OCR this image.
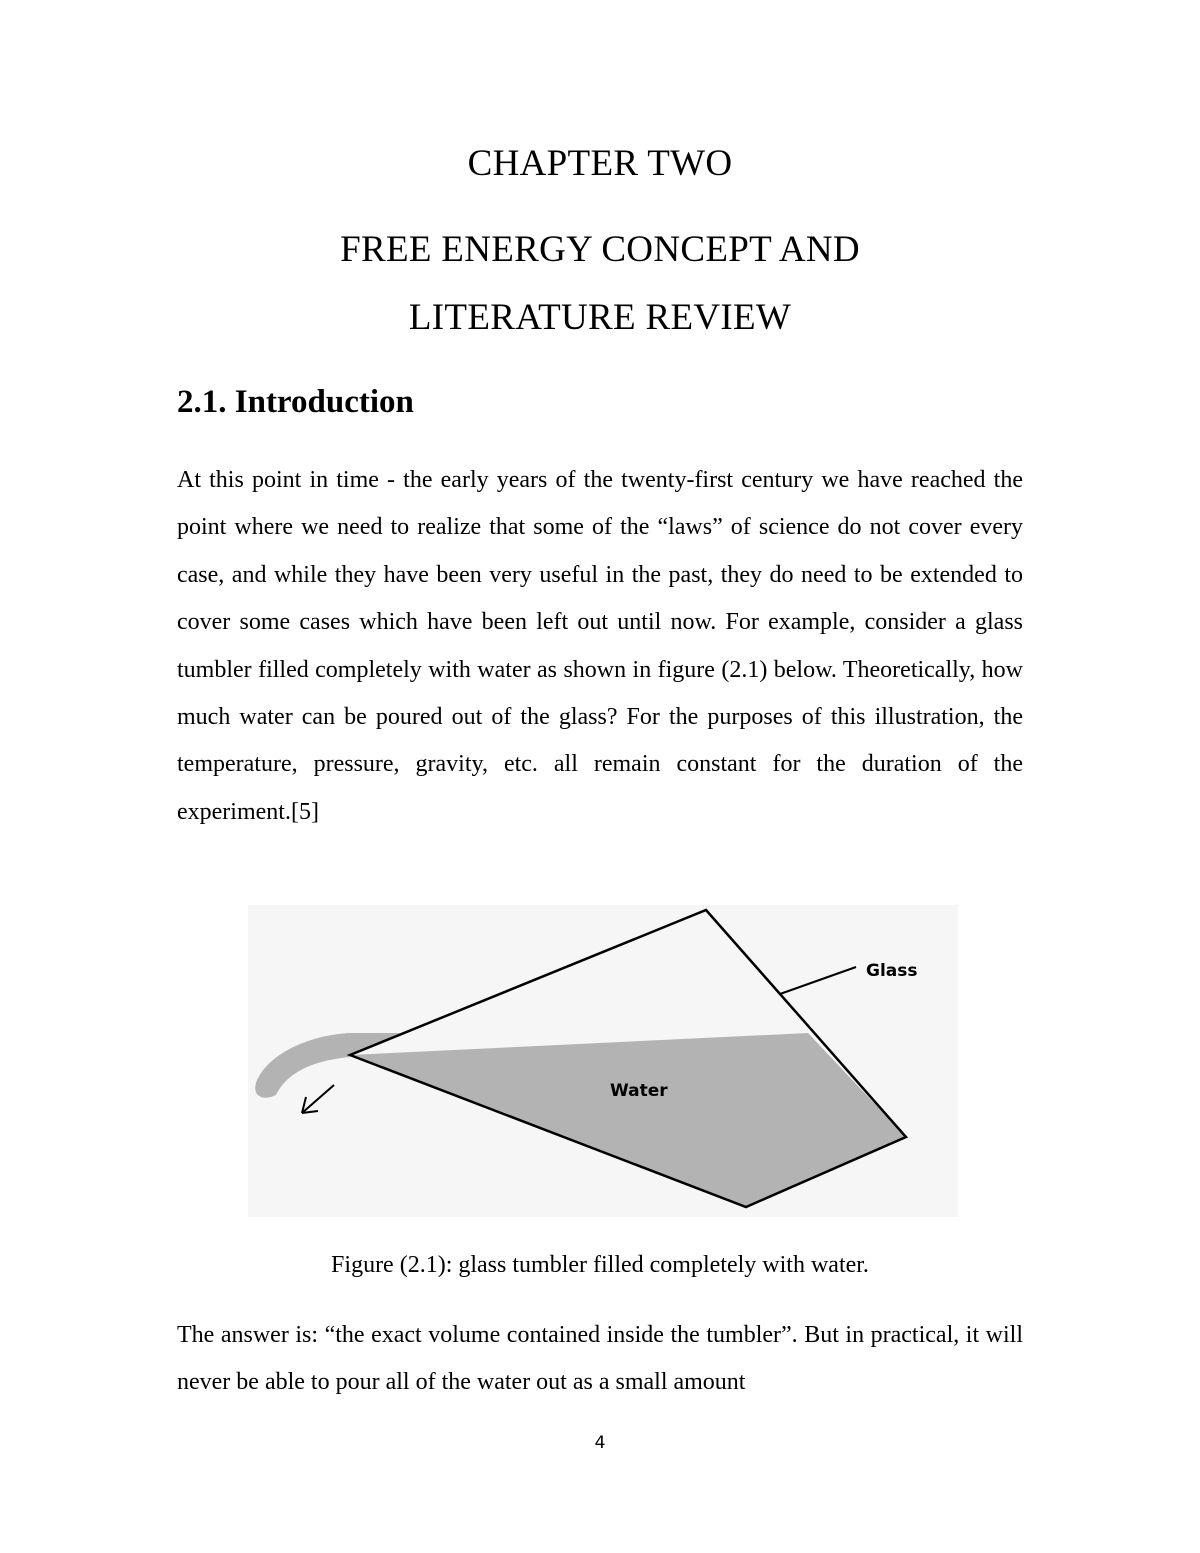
CHAPTER TWO
FREE ENERGY CONCEPT AND
LITERATURE REVIEW
2.1. Introduction

At this point in time - the early years of the twenty-first century we have reached the point where we need to realize that some of the “laws” of science do not cover every case, and while they have been very useful in the past, they do need to be extended to cover some cases which have been left out until now. For example, consider a glass tumbler filled completely with water as shown in figure (2.1) below. Theoretically, how much water can be poured out of the glass? For the purposes of this illustration, the temperature, pressure, gravity, etc. all remain constant for the duration of the experiment.[5]

Glass
Water
Figure (2.1): glass tumbler filled completely with water.

The answer is: “the exact volume contained inside the tumbler”. But in practical, it will never be able to pour all of the water out as a small amount

4
